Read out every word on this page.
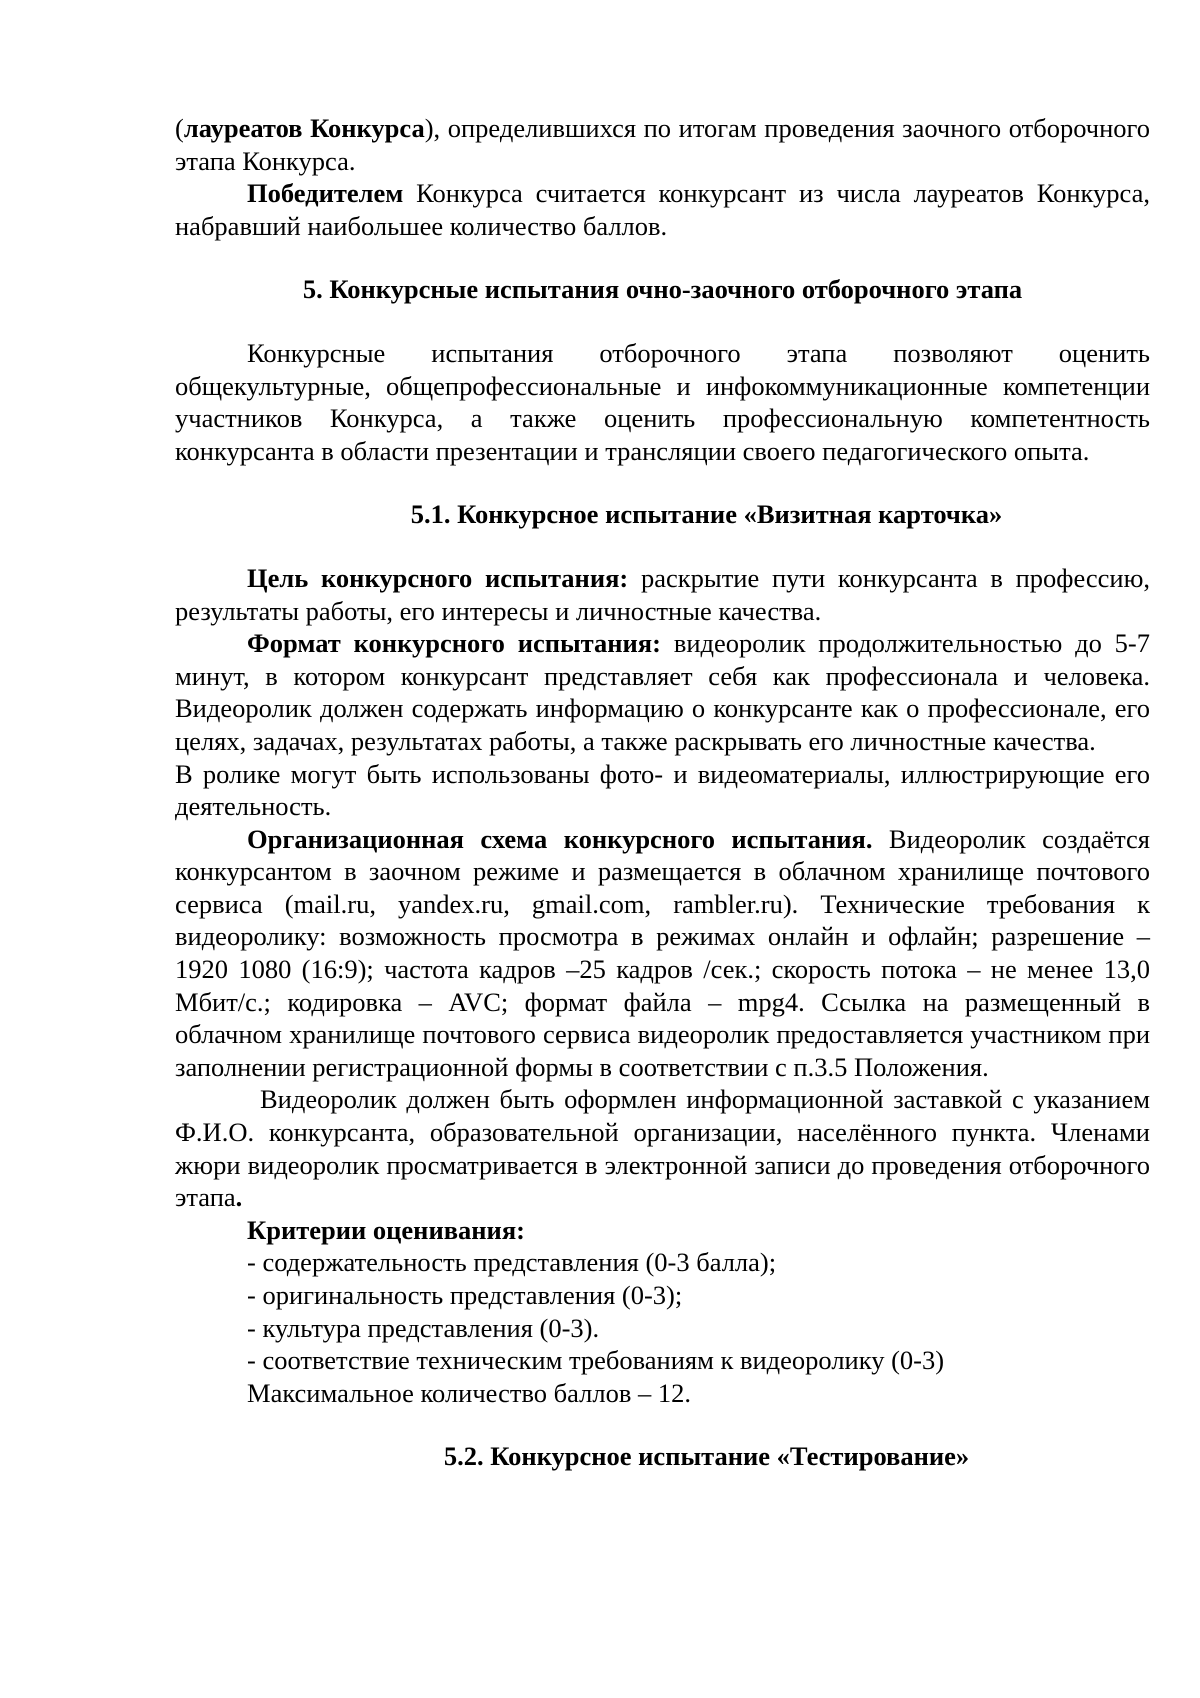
(лауреатов Конкурса), определившихся по итогам проведения заочного отборочного этапа Конкурса.

Победителем Конкурса считается конкурсант из числа лауреатов Конкурса, набравший наибольшее количество баллов.

5. Конкурсные испытания очно-заочного отборочного этапа

Конкурсные испытания отборочного этапа позволяют оценить общекультурные, общепрофессиональные и инфокоммуникационные компетенции участников Конкурса, а также оценить профессиональную компетентность конкурсанта в области презентации и трансляции своего педагогического опыта.

5.1. Конкурсное испытание «Визитная карточка»

Цель конкурсного испытания: раскрытие пути конкурсанта в профессию, результаты работы, его интересы и личностные качества.

Формат конкурсного испытания: видеоролик продолжительностью до 5-7 минут, в котором конкурсант представляет себя как профессионала и человека. Видеоролик должен содержать информацию о конкурсанте как о профессионале, его целях, задачах, результатах работы, а также раскрывать его личностные качества.

В ролике могут быть использованы фото- и видеоматериалы, иллюстрирующие его деятельность.

Организационная схема конкурсного испытания. Видеоролик создаётся конкурсантом в заочном режиме и размещается в облачном хранилище почтового сервиса (mail.ru, yandex.ru, gmail.com, rambler.ru). Технические требования к видеоролику: возможность просмотра в режимах онлайн и офлайн; разрешение – 1920 1080 (16:9); частота кадров –25 кадров /сек.; скорость потока – не менее 13,0 Мбит/с.; кодировка – AVC; формат файла – mpg4. Ссылка на размещенный в облачном хранилище почтового сервиса видеоролик предоставляется участником при заполнении регистрационной формы в соответствии с п.3.5 Положения.

Видеоролик должен быть оформлен информационной заставкой с указанием Ф.И.О. конкурсанта, образовательной организации, населённого пункта. Членами жюри видеоролик просматривается в электронной записи до проведения отборочного этапа.

Критерии оценивания:

- содержательность представления (0-3 балла);

- оригинальность представления (0-3);

- культура представления (0-3).

- соответствие техническим требованиям к видеоролику (0-3)

Максимальное количество баллов – 12.

5.2. Конкурсное испытание «Тестирование»
